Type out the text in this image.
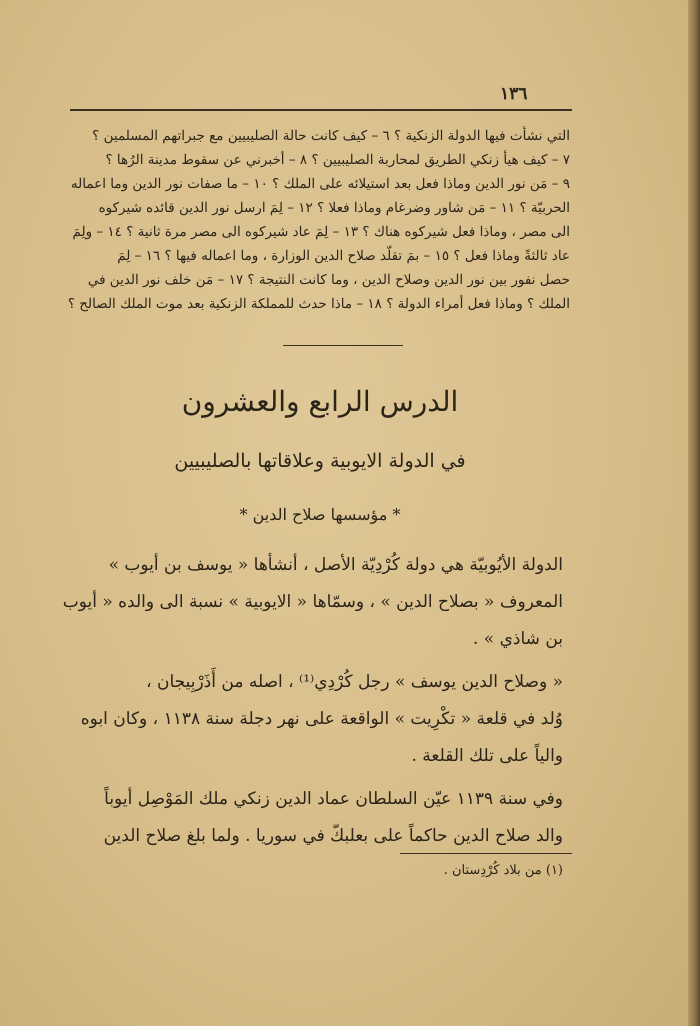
١٣٦
التي نشأت فيها الدولة الزنكية ؟ ٦ – كيف كانت حالة الصليبيين مع جبراتهم المسلمين ؟
٧ – كيف هيأ زنكي الطريق لمحاربة الصليبيين ؟ ٨ – أخبرني عن سقوط مدينة الرُها ؟
٩ – مَن نور الدين وماذا فعل بعد استيلائه على الملك ؟ ١٠ – ما صفات نور الدين وما اعماله
الحربيّة ؟ ١١ – مَن شاور وضرغام وماذا فعلا ؟ ١٢ – لِمَ ارسل نور الدين قائده شيركوه
الى مصر ، وماذا فعل شيركوه هناك ؟ ١٣ – لِمَ عاد شيركوه الى مصر مرة ثانية ؟ ١٤ – ولِمَ
عاد ثالثةً وماذا فعل ؟ ١٥ – بمَ تقلّد صلاح الدين الوزارة ، وما اعماله فيها ؟ ١٦ – لِمَ
حصل نفور بين نور الدين وصلاح الدين ، وما كانت النتيجة ؟ ١٧ – مَن خلف نور الدين في
الملك ؟ وماذا فعل أمراء الدولة ؟ ١٨ – ماذا حدث للمملكة الزنكية بعد موت الملك الصالح ؟
الدرس الرابع والعشرون
في الدولة الايوبية وعلاقاتها بالصليبيين
* مؤسسها صلاح الدين *
الدولة الأيُوبيّة هي دولة كُرْدِيّة الأصل ، أنشأها « يوسف بن أيوب »
المعروف « بصلاح الدين » ، وسمّاها « الايوبية » نسبة الى والده « أيوب
بن شاذي » .
« وصلاح الدين يوسف » رجل كُرْدِي⁽¹⁾ ، اصله من أَذَرْبِيجان ،
وُلد في قلعة « تكْرِيت » الواقعة على نهر دجلة سنة ١١٣٨ ، وكان ابوه
والياً على تلك القلعة .
وفي سنة ١١٣٩ عيّن السلطان عماد الدين زنكي ملك المَوْصِل أيوباً
والد صلاح الدين حاكماً على بعلبكّ في سوريا . ولما بلغ صلاح الدين
(١) من بلاد كُرْدِستان .
